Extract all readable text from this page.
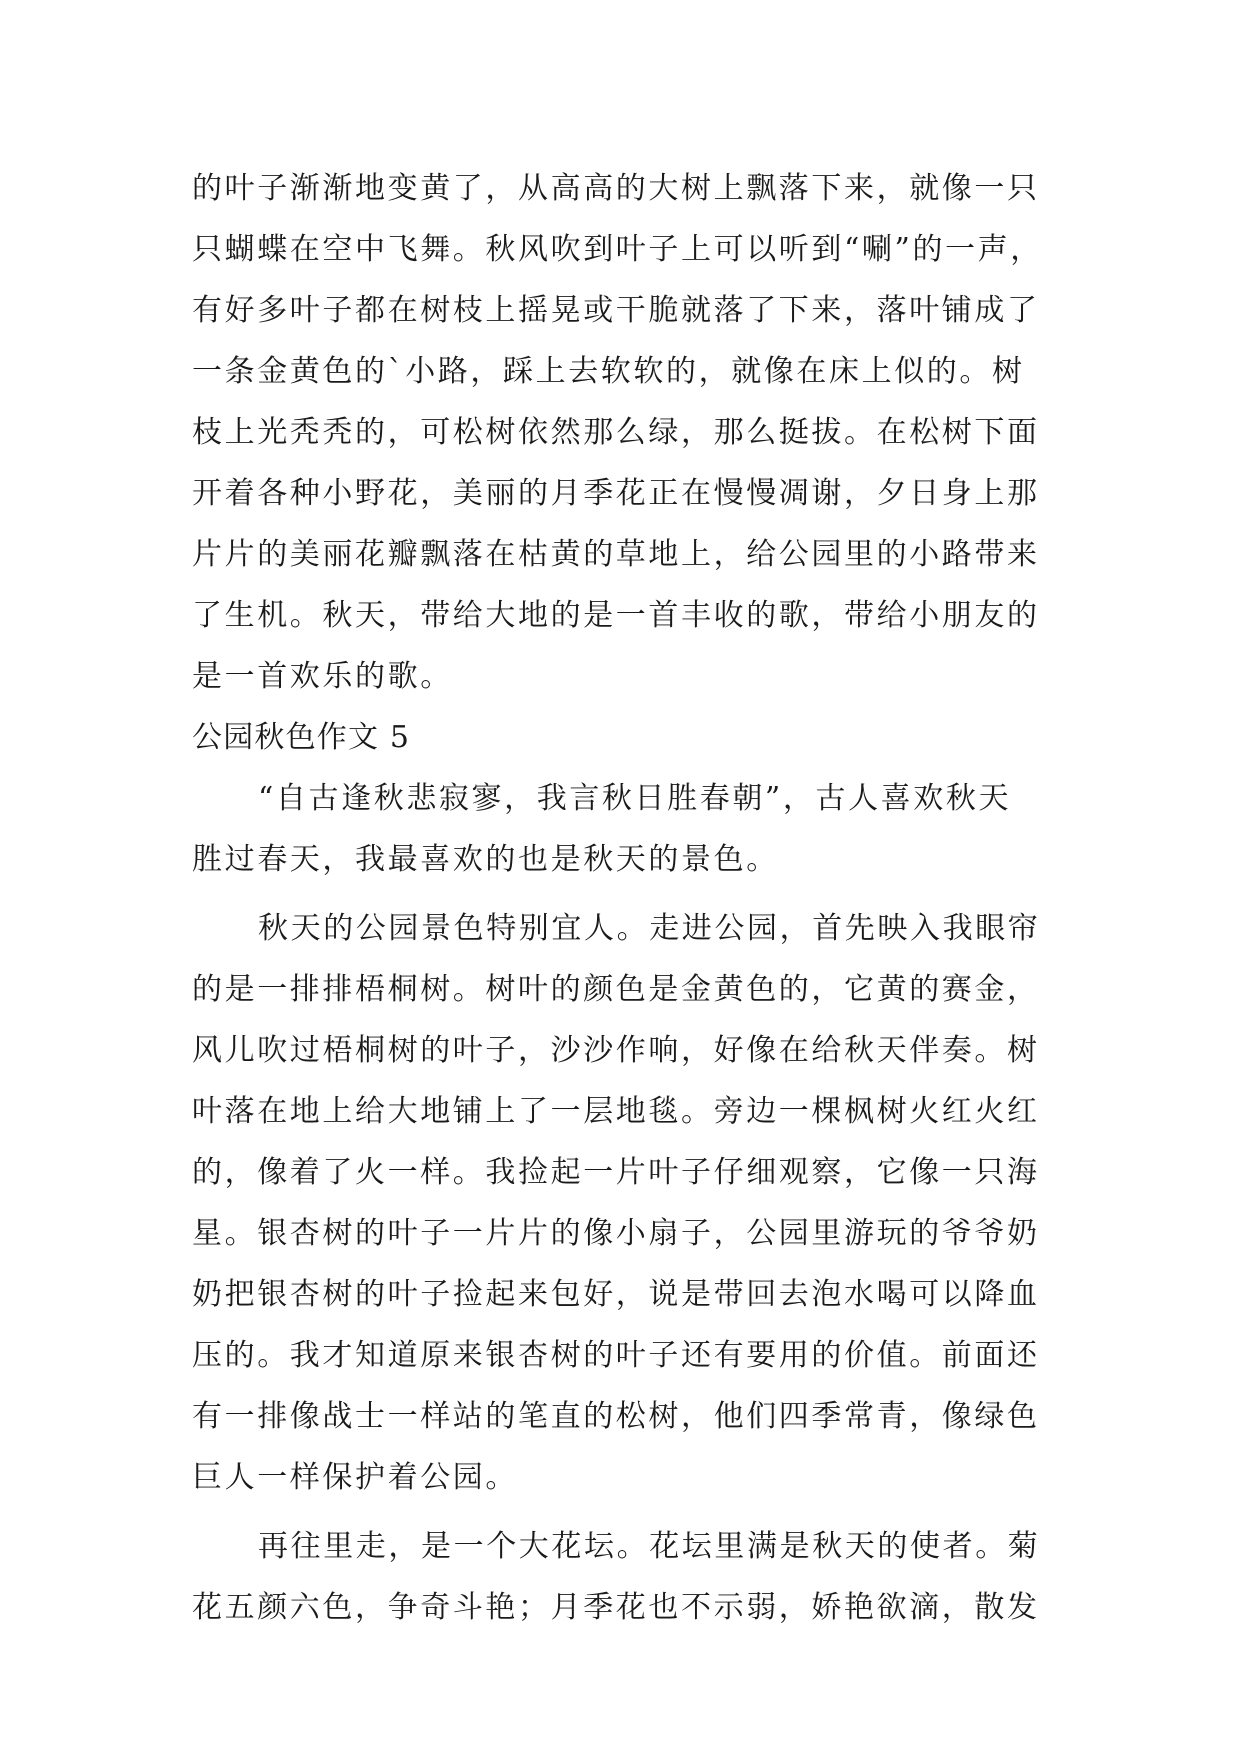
的叶子渐渐地变黄了，从高高的大树上飘落下来，就像一只
只蝴蝶在空中飞舞。秋风吹到叶子上可以听到“唰”的一声，
有好多叶子都在树枝上摇晃或干脆就落了下来，落叶铺成了
一条金黄色的`小路，踩上去软软的，就像在床上似的。树
枝上光秃秃的，可松树依然那么绿，那么挺拔。在松树下面
开着各种小野花，美丽的月季花正在慢慢凋谢，夕日身上那
片片的美丽花瓣飘落在枯黄的草地上，给公园里的小路带来
了生机。秋天，带给大地的是一首丰收的歌，带给小朋友的
是一首欢乐的歌。
公园秋色作文 5
“自古逢秋悲寂寥，我言秋日胜春朝”，古人喜欢秋天
胜过春天，我最喜欢的也是秋天的景色。
秋天的公园景色特别宜人。走进公园，首先映入我眼帘
的是一排排梧桐树。树叶的颜色是金黄色的，它黄的赛金，
风儿吹过梧桐树的叶子，沙沙作响，好像在给秋天伴奏。树
叶落在地上给大地铺上了一层地毯。旁边一棵枫树火红火红
的，像着了火一样。我捡起一片叶子仔细观察，它像一只海
星。银杏树的叶子一片片的像小扇子，公园里游玩的爷爷奶
奶把银杏树的叶子捡起来包好，说是带回去泡水喝可以降血
压的。我才知道原来银杏树的叶子还有要用的价值。前面还
有一排像战士一样站的笔直的松树，他们四季常青，像绿色
巨人一样保护着公园。
再往里走，是一个大花坛。花坛里满是秋天的使者。菊
花五颜六色，争奇斗艳；月季花也不示弱，娇艳欲滴，散发
